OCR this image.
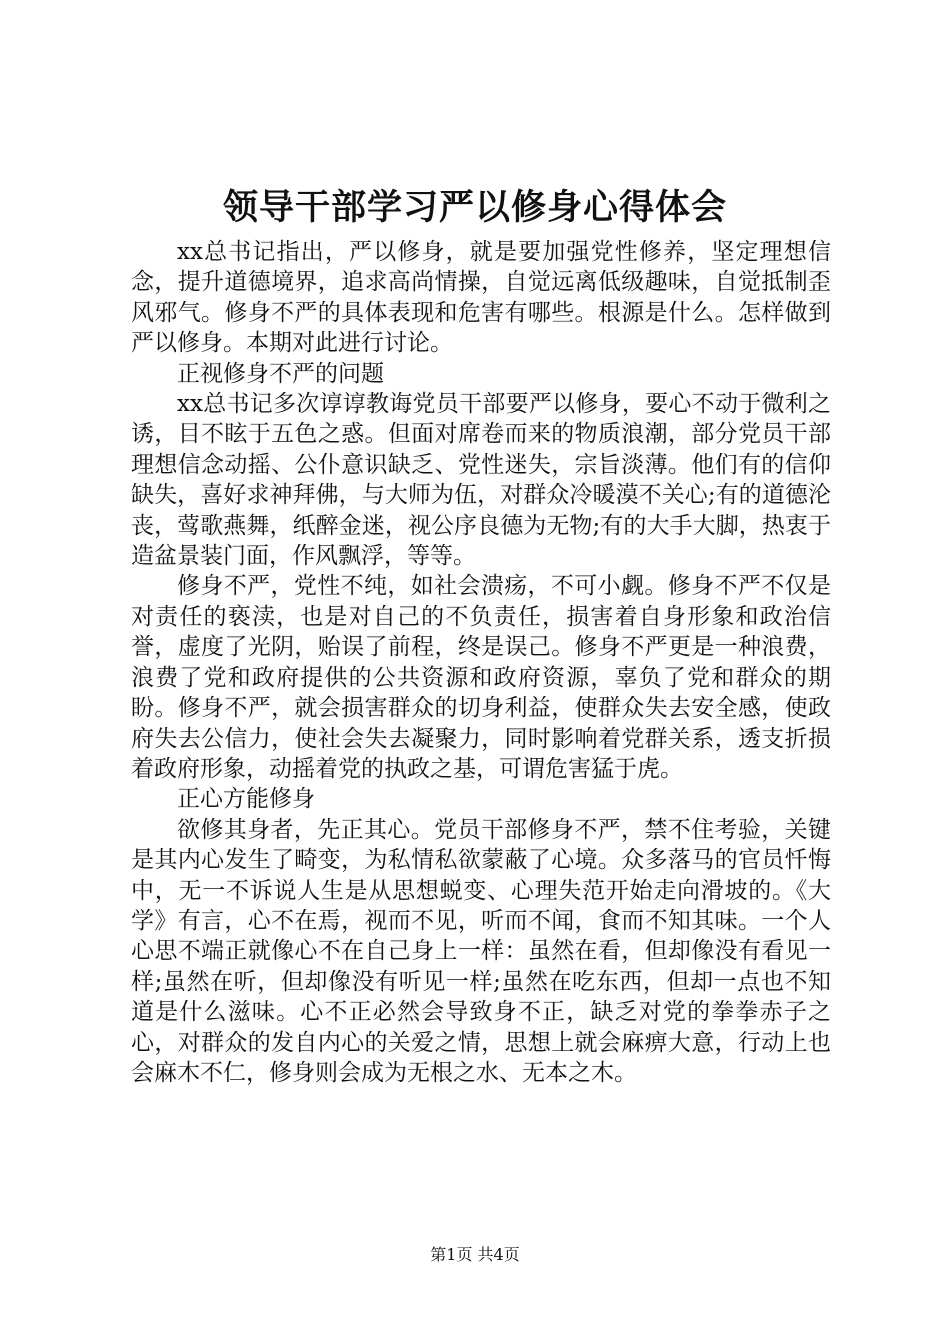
领导干部学习严以修身心得体会

xx总书记指出，严以修身，就是要加强党性修养，坚定理想信念，提升道德境界，追求高尚情操，自觉远离低级趣味，自觉抵制歪风邪气。修身不严的具体表现和危害有哪些。根源是什么。怎样做到严以修身。本期对此进行讨论。

正视修身不严的问题

xx总书记多次谆谆教诲党员干部要严以修身，要心不动于微利之诱，目不眩于五色之惑。但面对席卷而来的物质浪潮，部分党员干部理想信念动摇、公仆意识缺乏、党性迷失，宗旨淡薄。他们有的信仰缺失，喜好求神拜佛，与大师为伍，对群众冷暖漠不关心;有的道德沦丧，莺歌燕舞，纸醉金迷，视公序良德为无物;有的大手大脚，热衷于造盆景装门面，作风飘浮，等等。

修身不严，党性不纯，如社会溃疡，不可小觑。修身不严不仅是对责任的亵渎，也是对自己的不负责任，损害着自身形象和政治信誉，虚度了光阴，贻误了前程，终是误己。修身不严更是一种浪费，浪费了党和政府提供的公共资源和政府资源，辜负了党和群众的期盼。修身不严，就会损害群众的切身利益，使群众失去安全感，使政府失去公信力，使社会失去凝聚力，同时影响着党群关系，透支折损着政府形象，动摇着党的执政之基，可谓危害猛于虎。

正心方能修身

欲修其身者，先正其心。党员干部修身不严，禁不住考验，关键是其内心发生了畸变，为私情私欲蒙蔽了心境。众多落马的官员忏悔中，无一不诉说人生是从思想蜕变、心理失范开始走向滑坡的。《大学》有言，心不在焉，视而不见，听而不闻，食而不知其味。一个人心思不端正就像心不在自己身上一样：虽然在看，但却像没有看见一样;虽然在听，但却像没有听见一样;虽然在吃东西，但却一点也不知道是什么滋味。心不正必然会导致身不正，缺乏对党的拳拳赤子之心，对群众的发自内心的关爱之情，思想上就会麻痹大意，行动上也会麻木不仁，修身则会成为无根之水、无本之木。

第1页 共4页
